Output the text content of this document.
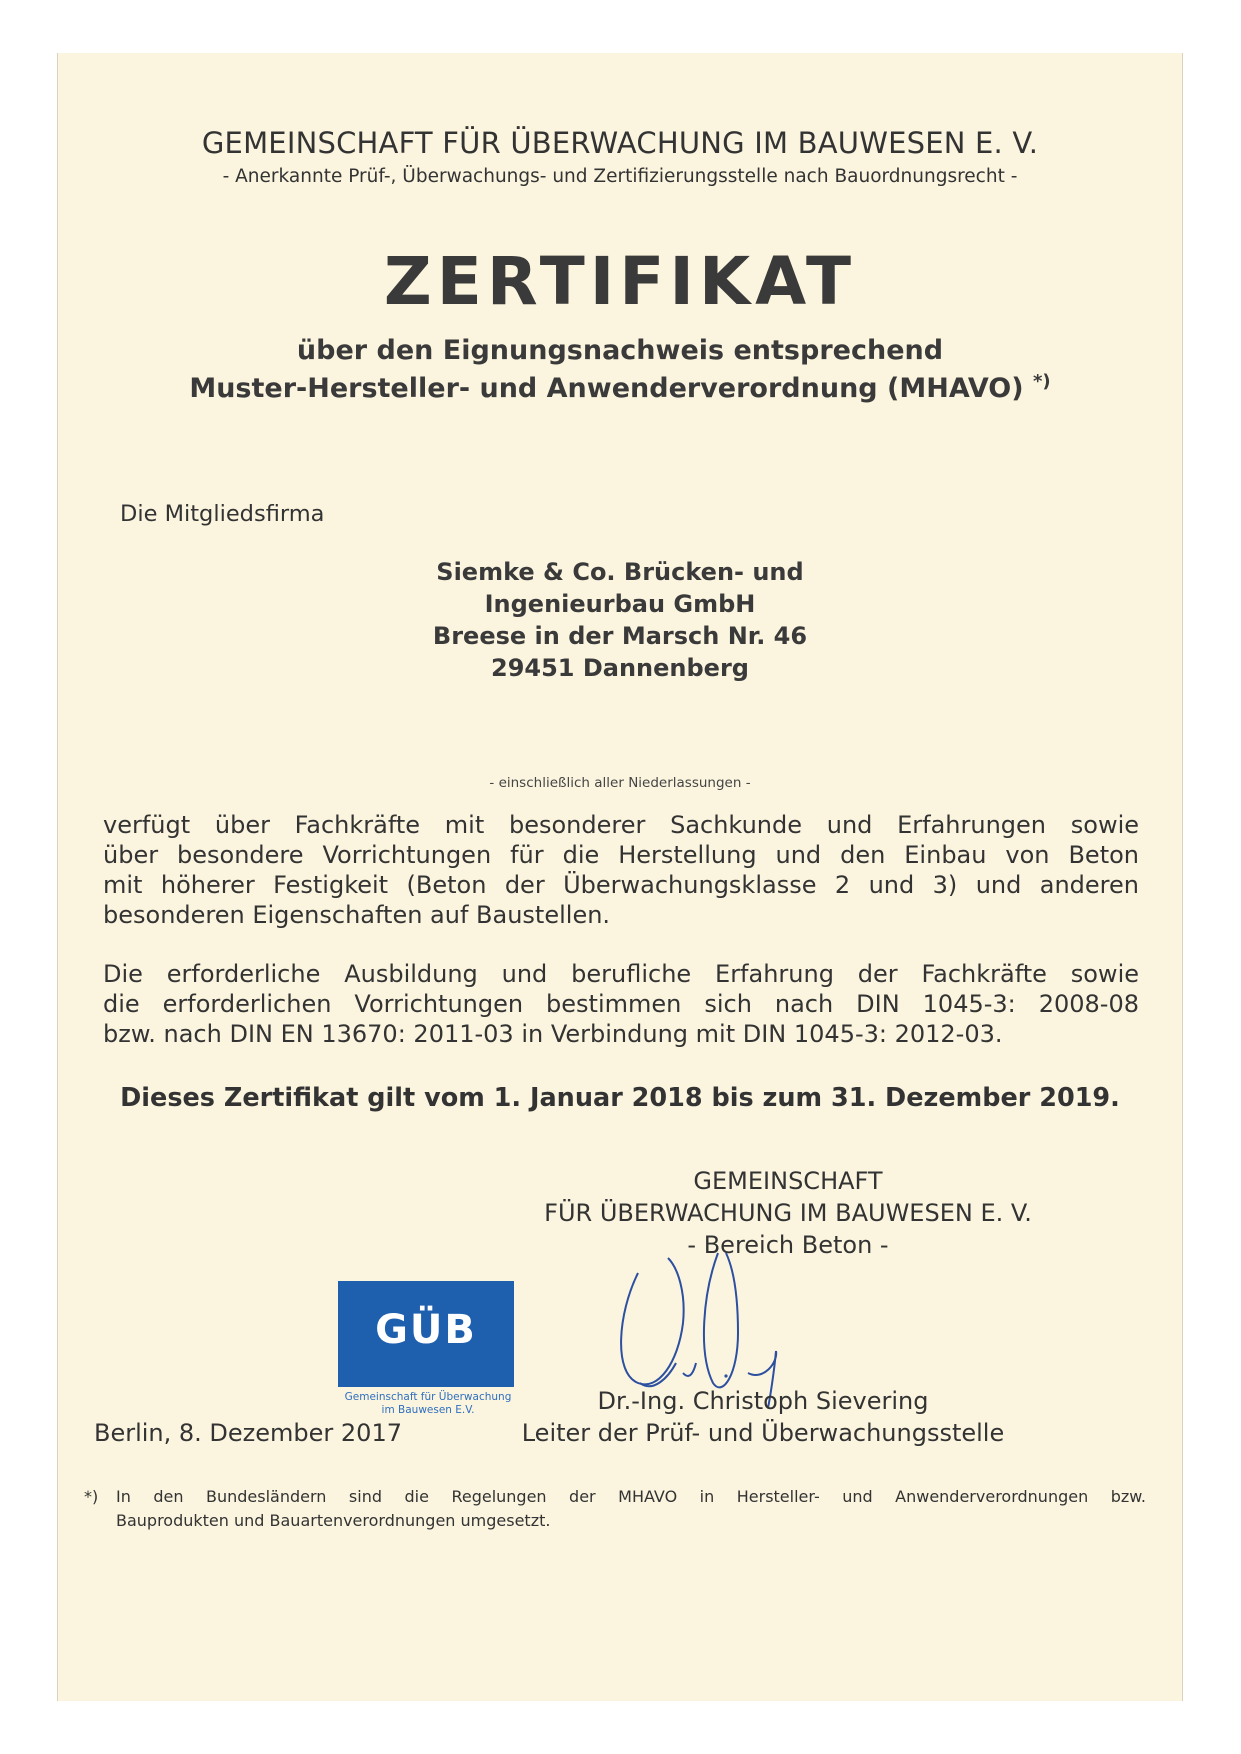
GEMEINSCHAFT FÜR ÜBERWACHUNG IM BAUWESEN E. V.
- Anerkannte Prüf-, Überwachungs- und Zertifizierungsstelle nach Bauordnungsrecht -
ZERTIFIKAT
über den Eignungsnachweis entsprechend
Muster-Hersteller- und Anwenderverordnung (MHAVO) *)
Die Mitgliedsfirma
Siemke & Co. Brücken- und
Ingenieurbau GmbH
Breese in der Marsch Nr. 46
29451 Dannenberg
- einschließlich aller Niederlassungen -
verfügt über Fachkräfte mit besonderer Sachkunde und Erfahrungen sowie
über besondere Vorrichtungen für die Herstellung und den Einbau von Beton
mit höherer Festigkeit (Beton der Überwachungsklasse 2 und 3) und anderen
besonderen Eigenschaften auf Baustellen.
Die erforderliche Ausbildung und berufliche Erfahrung der Fachkräfte sowie
die erforderlichen Vorrichtungen bestimmen sich nach DIN 1045-3: 2008-08
bzw. nach DIN EN 13670: 2011-03 in Verbindung mit DIN 1045-3: 2012-03.
Dieses Zertifikat gilt vom 1. Januar 2018 bis zum 31. Dezember 2019.
GEMEINSCHAFT
FÜR ÜBERWACHUNG IM BAUWESEN E. V.
- Bereich Beton -
GÜB
Gemeinschaft für Überwachung
im Bauwesen E.V.	Dr.-Ing. Christoph Sievering
Leiter der Prüf- und Überwachungsstelle
Berlin, 8. Dezember 2017
*) In den Bundesländern sind die Regelungen der MHAVO in Hersteller- und Anwenderverordnungen bzw.
Bauprodukten und Bauartenverordnungen umgesetzt.
